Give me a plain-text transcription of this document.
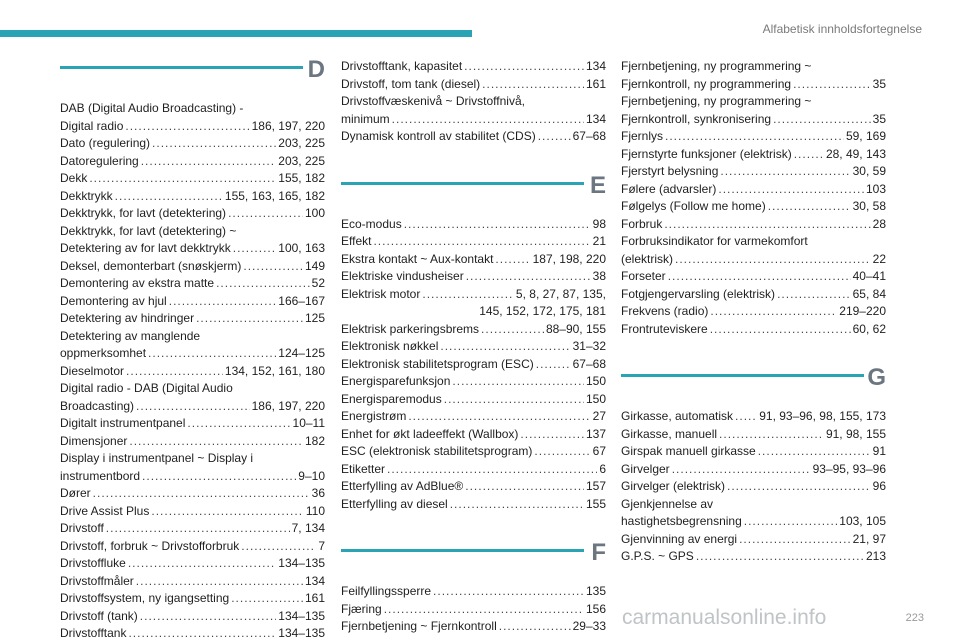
Alfabetisk innholdsfortegnelse
D
DAB (Digital Audio Broadcasting) -
Digital radio .....	186, 197, 220
Dato (regulering) .....	203, 225
Datoregulering .....	203, 225
Dekk .....	155, 182
Dekktrykk .....	155, 163, 165, 182
Dekktrykk, for lavt (detektering) .....	100
Dekktrykk, for lavt (detektering) ~
Detektering av for lavt dekktrykk .....	100, 163
Deksel, demonterbart (snøskjerm) .....	149
Demontering av ekstra matte .....	52
Demontering av hjul .....	166–167
Detektering av hindringer .....	125
Detektering av manglende
oppmerksomhet .....	124–125
Dieselmotor .....	134, 152, 161, 180
Digital radio - DAB (Digital Audio
Broadcasting) .....	186, 197, 220
Digitalt instrumentpanel .....	10–11
Dimensjoner .....	182
Display i instrumentpanel ~ Display i
instrumentbord .....	9–10
Dører .....	36
Drive Assist Plus .....	110
Drivstoff .....	7, 134
Drivstoff, forbruk ~ Drivstofforbruk .....	7
Drivstoffluke .....	134–135
Drivstoffmåler .....	134
Drivstoffsystem, ny igangsetting .....	161
Drivstoff (tank) .....	134–135
Drivstofftank .....	134–135
Drivstofftank, kapasitet .....	134
Drivstoff, tom tank (diesel) .....	161
Drivstoffvæskenivå ~ Drivstoffnivå,
minimum .....	134
Dynamisk kontroll av stabilitet (CDS) .....	67–68
E
Eco-modus .....	98
Effekt .....	21
Ekstra kontakt ~ Aux-kontakt .....	187, 198, 220
Elektriske vindusheiser .....	38
Elektrisk motor .....	5, 8, 27, 87, 135,
145, 152, 172, 175, 181
Elektrisk parkeringsbrems .....	88–90, 155
Elektronisk nøkkel .....	31–32
Elektronisk stabilitetsprogram (ESC) .....	67–68
Energisparefunksjon .....	150
Energisparemodus .....	150
Energistrøm .....	27
Enhet for økt ladeeffekt (Wallbox) .....	137
ESC (elektronisk stabilitetsprogram) .....	67
Etiketter .....	6
Etterfylling av AdBlue® .....	157
Etterfylling av diesel .....	155
F
Feilfyllingssperre .....	135
Fjæring .....	156
Fjernbetjening ~ Fjernkontroll .....	29–33
Fjernbetjening, ny programmering ~
Fjernkontroll, ny programmering .....	35
Fjernbetjening, ny programmering ~
Fjernkontroll, synkronisering .....	35
Fjernlys .....	59, 169
Fjernstyrte funksjoner (elektrisk) .....	28, 49, 143
Fjerstyrt belysning .....	30, 59
Følere (advarsler) .....	103
Følgelys (Follow me home) .....	30, 58
Forbruk .....	28
Forbruksindikator for varmekomfort
(elektrisk) .....	22
Forseter .....	40–41
Fotgjengervarsling (elektrisk) .....	65, 84
Frekvens (radio) .....	219–220
Frontruteviskere .....	60, 62
G
Girkasse, automatisk ..... 91, 93–96, 98, 155, 173
Girkasse, manuell .....	91, 98, 155
Girspak manuell girkasse .....	91
Girvelger .....	93–95, 93–96
Girvelger (elektrisk) .....	96
Gjenkjennelse av
hastighetsbegrensning .....	103, 105
Gjenvinning av energi .....	21, 97
G.P.S. ~ GPS .....	213
223
carmanualsonline.info
